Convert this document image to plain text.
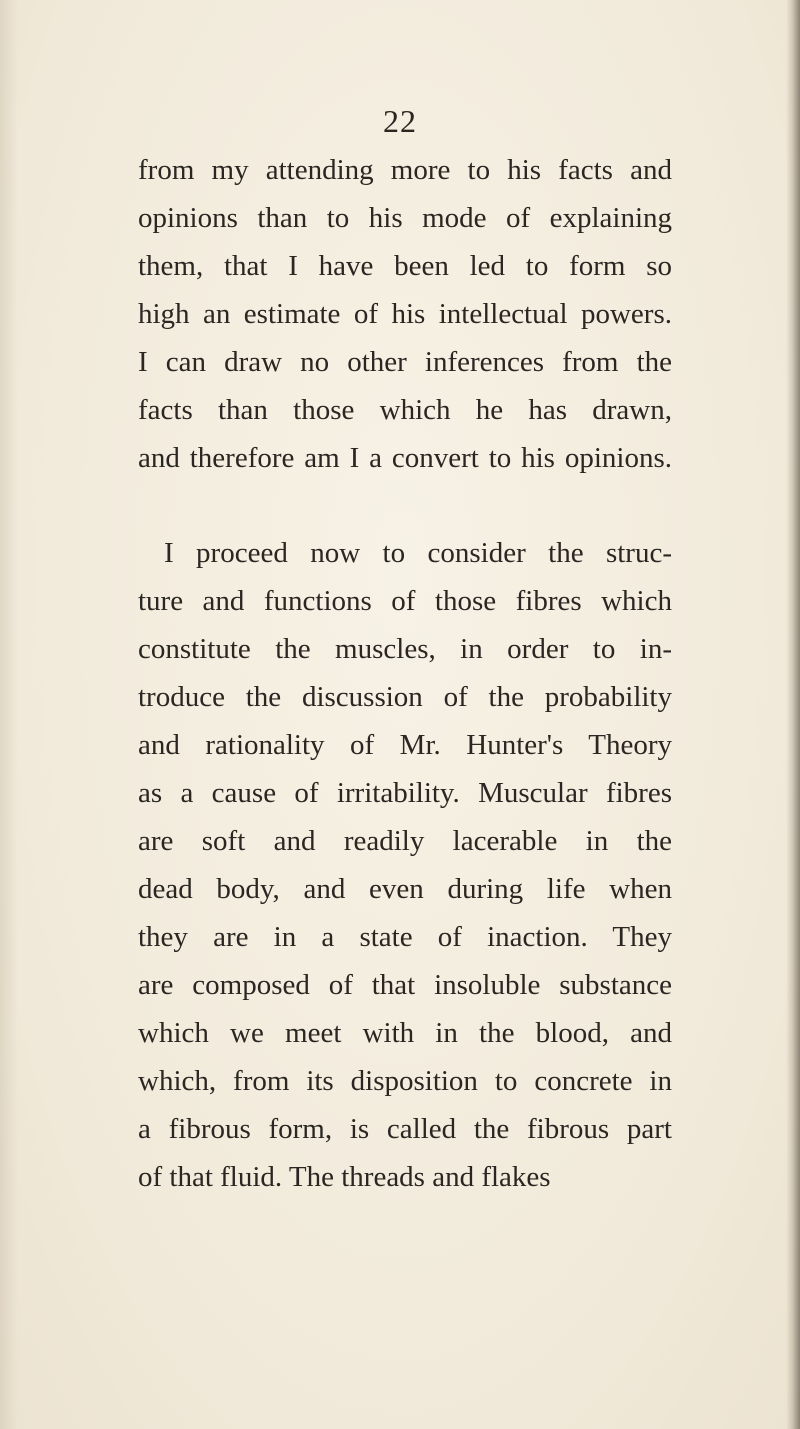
22
from my attending more to his facts and
opinions than to his mode of explaining
them, that I have been led to form so
high an estimate of his intellectual powers.
I can draw no other inferences from the
facts than those which he has drawn,
and therefore am I a convert to his opinions.
I proceed now to consider the struc-
ture and functions of those fibres which
constitute the muscles, in order to in-
troduce the discussion of the probability
and rationality of Mr. Hunter's Theory
as a cause of irritability. Muscular fibres
are soft and readily lacerable in the
dead body, and even during life when
they are in a state of inaction. They
are composed of that insoluble substance
which we meet with in the blood, and
which, from its disposition to concrete in
a fibrous form, is called the fibrous part
of that fluid. The threads and flakes
